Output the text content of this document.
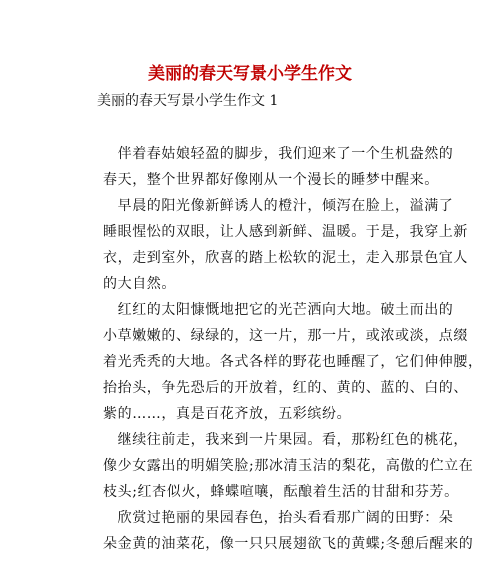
美丽的春天写景小学生作文
美丽的春天写景小学生作文 1

　伴着春姑娘轻盈的脚步，我们迎来了一个生机盎然的
春天，整个世界都好像刚从一个漫长的睡梦中醒来。

　早晨的阳光像新鲜诱人的橙汁，倾泻在脸上，溢满了
睡眼惺忪的双眼，让人感到新鲜、温暖。于是，我穿上新
衣，走到室外，欣喜的踏上松软的泥土，走入那景色宜人
的大自然。

　红红的太阳慷慨地把它的光芒洒向大地。破土而出的
小草嫩嫩的、绿绿的，这一片，那一片，或浓或淡，点缀
着光秃秃的大地。各式各样的野花也睡醒了，它们伸伸腰，
抬抬头，争先恐后的开放着，红的、黄的、蓝的、白的、
紫的……，真是百花齐放，五彩缤纷。

　继续往前走，我来到一片果园。看，那粉红色的桃花，
像少女露出的明媚笑脸;那冰清玉洁的梨花，高傲的伫立在
枝头;红杏似火，蜂蝶喧嚷，酝酿着生活的甘甜和芬芳。

　欣赏过艳丽的果园春色，抬头看看那广阔的田野：朵
朵金黄的油菜花，像一只只展翅欲飞的黄蝶;冬憩后醒来的
